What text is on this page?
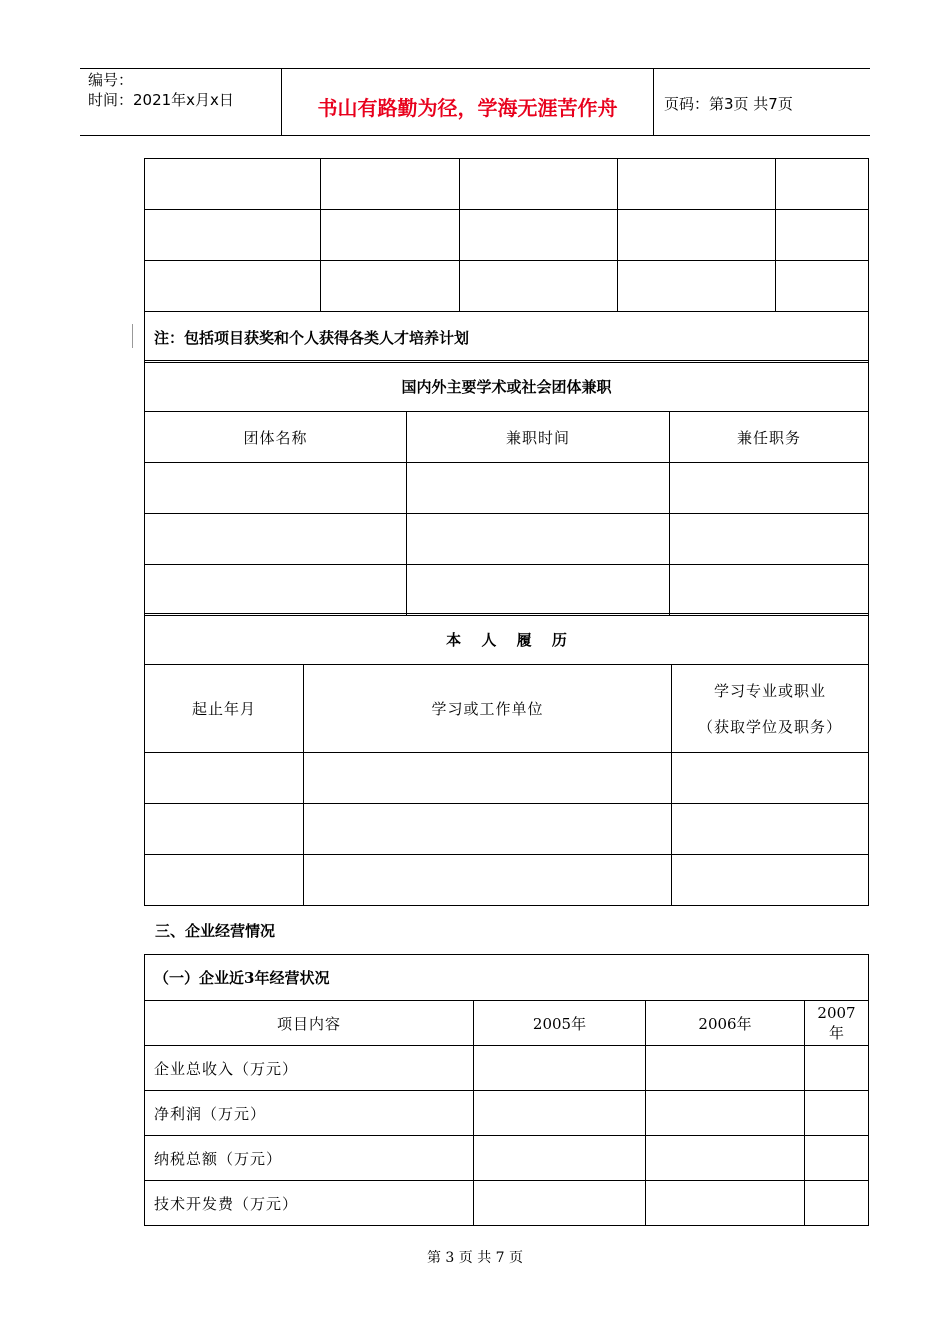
编号：
时间：2021年x月x日	书山有路勤为径，学海无涯苦作舟	页码：第3页 共7页

注：包括项目获奖和个人获得各类人才培养计划				
国内外主要学术或社会团体兼职		
团体名称	兼职时间	兼任职务

本　 人　 履　 历		
起止年月	学习或工作单位	学习专业或职业
（获取学位及职务）

三、企业经营情况
（一）企业近3年经营状况			
项目内容	2005年	2006年	2007年
企业总收入（万元）			
净利润（万元）			
纳税总额（万元）			
技术开发费（万元）			
第 3 页 共 7 页
